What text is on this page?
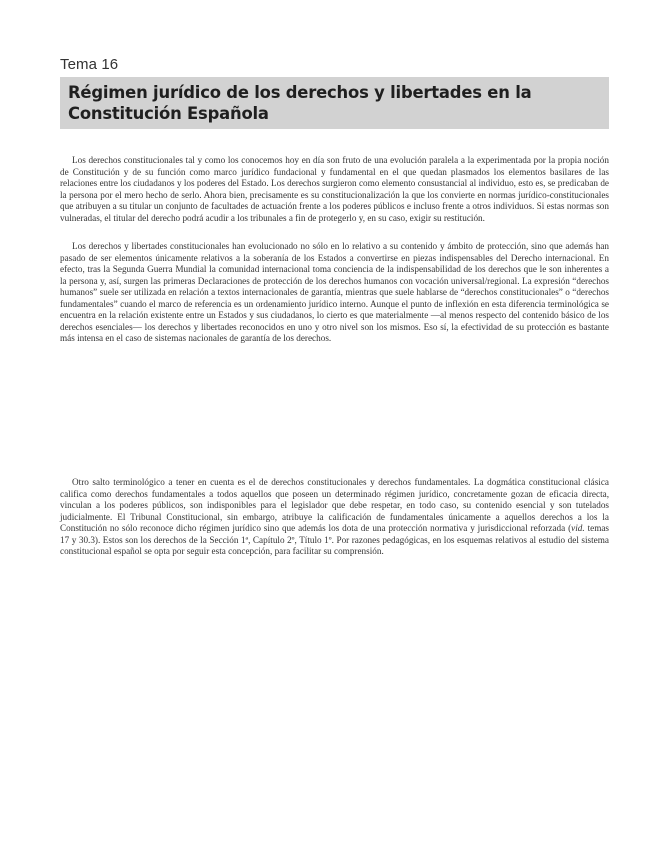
Tema 16
Régimen jurídico de los derechos y libertades en la Constitución Española

Los derechos constitucionales tal y como los conocemos hoy en día son fruto de una evolución paralela a la experimentada por la propia noción de Constitución y de su función como marco jurídico fundacional y fundamental en el que quedan plasmados los elementos basilares de las relaciones entre los ciudadanos y los poderes del Estado. Los derechos surgieron como elemento consustancial al individuo, esto es, se predicaban de la persona por el mero hecho de serlo. Ahora bien, precisamente es su constitucionalización la que los convierte en normas jurídico-constitucionales que atribuyen a su titular un conjunto de facultades de actuación frente a los poderes públicos e incluso frente a otros individuos. Si estas normas son vulneradas, el titular del derecho podrá acudir a los tribunales a fin de protegerlo y, en su caso, exigir su restitución.

Los derechos y libertades constitucionales han evolucionado no sólo en lo relativo a su contenido y ámbito de protección, sino que además han pasado de ser elementos únicamente relativos a la soberanía de los Estados a convertirse en piezas indispensables del Derecho internacional. En efecto, tras la Segunda Guerra Mundial la comunidad internacional toma conciencia de la indispensabilidad de los derechos que le son inherentes a la persona y, así, surgen las primeras Declaraciones de protección de los derechos humanos con vocación universal/regional. La expresión “derechos humanos” suele ser utilizada en relación a textos internacionales de garantía, mientras que suele hablarse de “derechos constitucionales” o “derechos fundamentales” cuando el marco de referencia es un ordenamiento jurídico interno. Aunque el punto de inflexión en esta diferencia terminológica se encuentra en la relación existente entre un Estados y sus ciudadanos, lo cierto es que materialmente —al menos respecto del contenido básico de los derechos esenciales— los derechos y libertades reconocidos en uno y otro nivel son los mismos. Eso sí, la efectividad de su protección es bastante más intensa en el caso de sistemas nacionales de garantía de los derechos.

Otro salto terminológico a tener en cuenta es el de derechos constitucionales y derechos fundamentales. La dogmática constitucional clásica califica como derechos fundamentales a todos aquellos que poseen un determinado régimen jurídico, concretamente gozan de eficacia directa, vinculan a los poderes públicos, son indisponibles para el legislador que debe respetar, en todo caso, su contenido esencial y son tutelados judicialmente. El Tribunal Constitucional, sin embargo, atribuye la calificación de fundamentales únicamente a aquellos derechos a los la Constitución no sólo reconoce dicho régimen jurídico sino que además los dota de una protección normativa y jurisdiccional reforzada (vid. temas 17 y 30.3). Estos son los derechos de la Sección 1ª, Capítulo 2º, Título 1º. Por razones pedagógicas, en los esquemas relativos al estudio del sistema constitucional español se opta por seguir esta concepción, para facilitar su comprensión.
